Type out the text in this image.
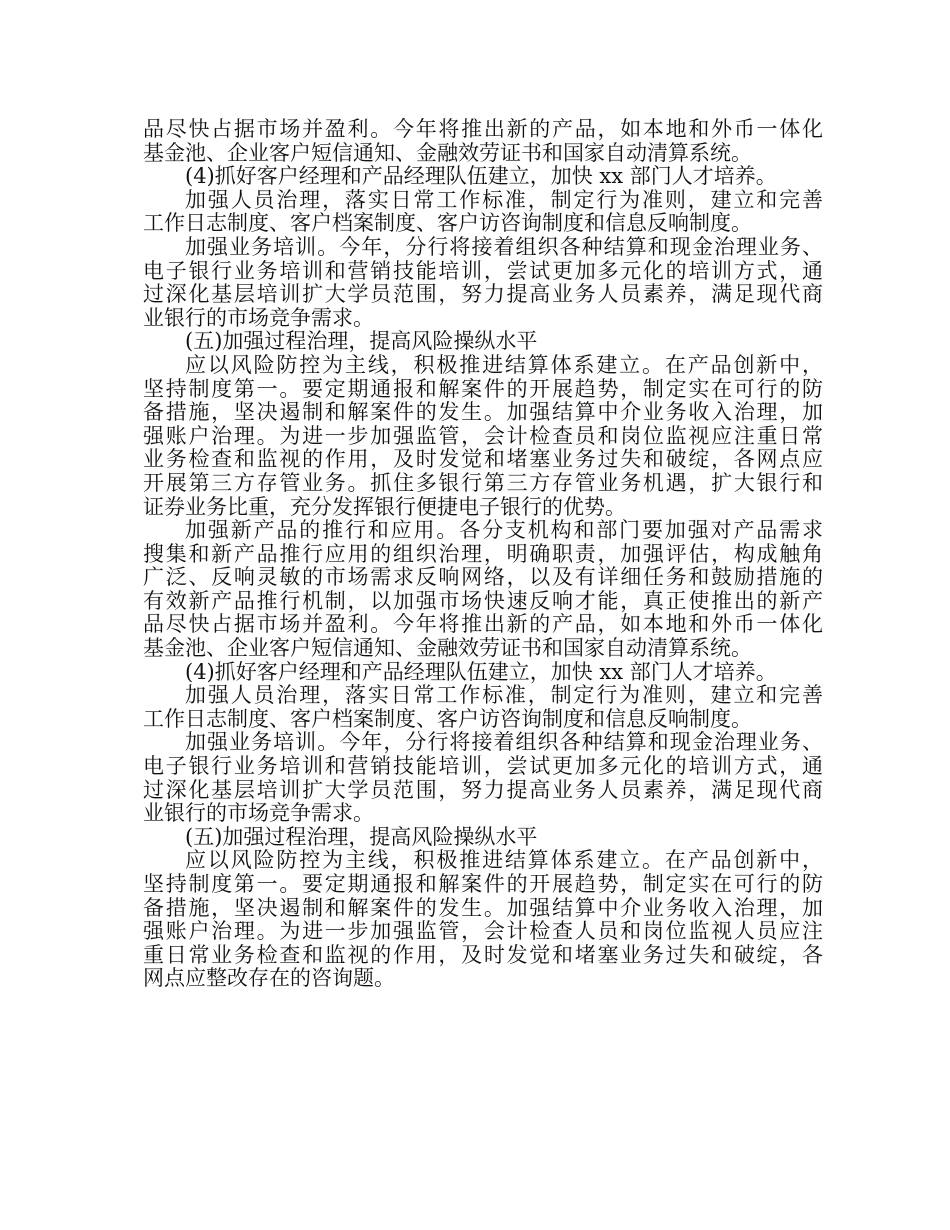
品尽快占据市场并盈利。今年将推出新的产品，如本地和外币一体化
基金池、企业客户短信通知、金融效劳证书和国家自动清算系统。
(4)抓好客户经理和产品经理队伍建立，加快 xx 部门人才培养。
加强人员治理，落实日常工作标准，制定行为准则，建立和完善
工作日志制度、客户档案制度、客户访咨询制度和信息反响制度。
加强业务培训。今年，分行将接着组织各种结算和现金治理业务、
电子银行业务培训和营销技能培训，尝试更加多元化的培训方式，通
过深化基层培训扩大学员范围，努力提高业务人员素养，满足现代商
业银行的市场竞争需求。
(五)加强过程治理，提高风险操纵水平
应以风险防控为主线，积极推进结算体系建立。在产品创新中，
坚持制度第一。要定期通报和解案件的开展趋势，制定实在可行的防
备措施，坚决遏制和解案件的发生。加强结算中介业务收入治理，加
强账户治理。为进一步加强监管，会计检查员和岗位监视应注重日常
业务检查和监视的作用，及时发觉和堵塞业务过失和破绽，各网点应
开展第三方存管业务。抓住多银行第三方存管业务机遇，扩大银行和
证券业务比重，充分发挥银行便捷电子银行的优势。
加强新产品的推行和应用。各分支机构和部门要加强对产品需求
搜集和新产品推行应用的组织治理，明确职责，加强评估，构成触角
广泛、反响灵敏的市场需求反响网络，以及有详细任务和鼓励措施的
有效新产品推行机制，以加强市场快速反响才能，真正使推出的新产
品尽快占据市场并盈利。今年将推出新的产品，如本地和外币一体化
基金池、企业客户短信通知、金融效劳证书和国家自动清算系统。
(4)抓好客户经理和产品经理队伍建立，加快 xx 部门人才培养。
加强人员治理，落实日常工作标准，制定行为准则，建立和完善
工作日志制度、客户档案制度、客户访咨询制度和信息反响制度。
加强业务培训。今年，分行将接着组织各种结算和现金治理业务、
电子银行业务培训和营销技能培训，尝试更加多元化的培训方式，通
过深化基层培训扩大学员范围，努力提高业务人员素养，满足现代商
业银行的市场竞争需求。
(五)加强过程治理，提高风险操纵水平
应以风险防控为主线，积极推进结算体系建立。在产品创新中，
坚持制度第一。要定期通报和解案件的开展趋势，制定实在可行的防
备措施，坚决遏制和解案件的发生。加强结算中介业务收入治理，加
强账户治理。为进一步加强监管，会计检查人员和岗位监视人员应注
重日常业务检查和监视的作用，及时发觉和堵塞业务过失和破绽，各
网点应整改存在的咨询题。
